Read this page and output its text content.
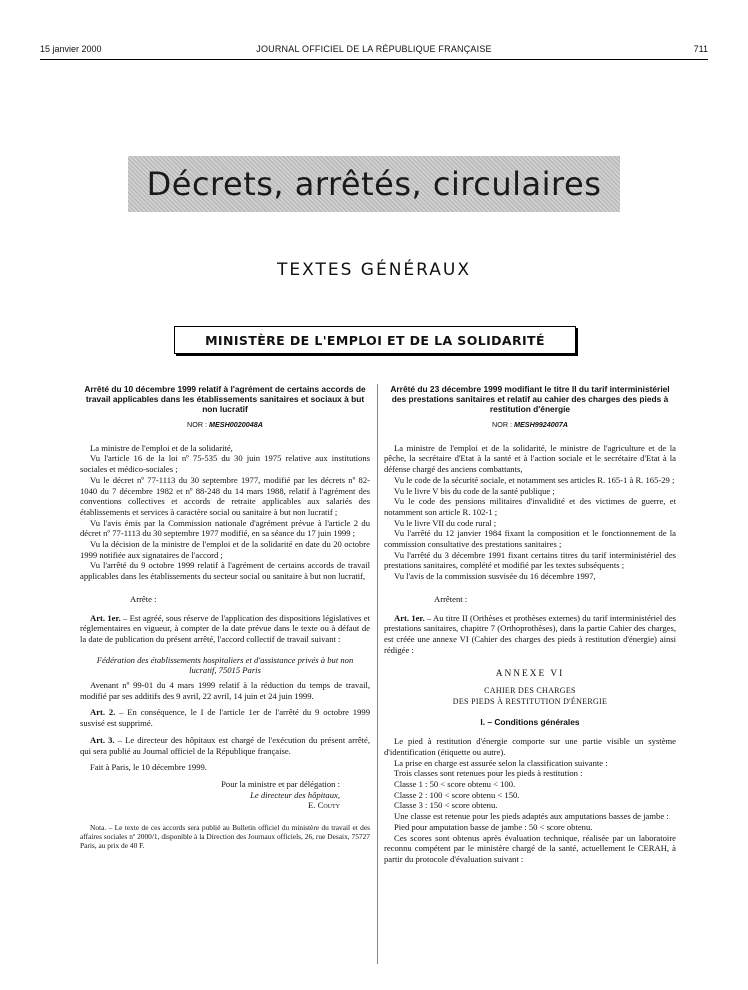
15 janvier 2000	JOURNAL OFFICIEL DE LA RÉPUBLIQUE FRANÇAISE	711
Décrets, arrêtés, circulaires
TEXTES GÉNÉRAUX
MINISTÈRE DE L'EMPLOI ET DE LA SOLIDARITÉ
Arrêté du 10 décembre 1999 relatif à l'agrément de certains accords de travail applicables dans les établissements sanitaires et sociaux à but non lucratif
NOR : MESH0020048A

La ministre de l'emploi et de la solidarité,

Vu l'article 16 de la loi nº 75-535 du 30 juin 1975 relative aux institutions sociales et médico-sociales ;

Vu le décret nº 77-1113 du 30 septembre 1977, modifié par les décrets nº 82-1040 du 7 décembre 1982 et nº 88-248 du 14 mars 1988, relatif à l'agrément des conventions collectives et accords de retraite applicables aux salariés des établissements et services à caractère social ou sanitaire à but non lucratif ;

Vu l'avis émis par la Commission nationale d'agrément prévue à l'article 2 du décret nº 77-1113 du 30 septembre 1977 modifié, en sa séance du 17 juin 1999 ;

Vu la décision de la ministre de l'emploi et de la solidarité en date du 20 octobre 1999 notifiée aux signataires de l'accord ;

Vu l'arrêté du 9 octobre 1999 relatif à l'agrément de certains accords de travail applicables dans les établissements du secteur social ou sanitaire à but non lucratif,

Arrête :

Art. 1er. – Est agréé, sous réserve de l'application des dispositions législatives et réglementaires en vigueur, à compter de la date prévue dans le texte ou à défaut de la date de publication du présent arrêté, l'accord collectif de travail suivant :

Fédération des établissements hospitaliers et d'assistance privés à but non lucratif, 75015 Paris

Avenant nº 99-01 du 4 mars 1999 relatif à la réduction du temps de travail, modifié par ses additifs des 9 avril, 22 avril, 14 juin et 24 juin 1999.

Art. 2. – En conséquence, le I de l'article 1er de l'arrêté du 9 octobre 1999 susvisé est supprimé.

Art. 3. – Le directeur des hôpitaux est chargé de l'exécution du présent arrêté, qui sera publié au Journal officiel de la République française.

Fait à Paris, le 10 décembre 1999.

Pour la ministre et par délégation :

Le directeur des hôpitaux,

E. Couty

Nota. – Le texte de ces accords sera publié au Bulletin officiel du ministère du travail et des affaires sociales nº 2000/1, disponible à la Direction des Journaux officiels, 26, rue Desaix, 75727 Paris, au prix de 40 F.

Arrêté du 23 décembre 1999 modifiant le titre II du tarif interministériel des prestations sanitaires et relatif au cahier des charges des pieds à restitution d'énergie
NOR : MESH9924007A

La ministre de l'emploi et de la solidarité, le ministre de l'agriculture et de la pêche, la secrétaire d'Etat à la santé et à l'action sociale et le secrétaire d'Etat à la défense chargé des anciens combattants,

Vu le code de la sécurité sociale, et notamment ses articles R. 165-1 à R. 165-29 ;

Vu le livre V bis du code de la santé publique ;

Vu le code des pensions militaires d'invalidité et des victimes de guerre, et notamment son article R. 102-1 ;

Vu le livre VII du code rural ;

Vu l'arrêté du 12 janvier 1984 fixant la composition et le fonctionnement de la commission consultative des prestations sanitaires ;

Vu l'arrêté du 3 décembre 1991 fixant certains titres du tarif interministériel des prestations sanitaires, complété et modifié par les textes subséquents ;

Vu l'avis de la commission susvisée du 16 décembre 1997,

Arrêtent :

Art. 1er. – Au titre II (Orthèses et prothèses externes) du tarif interministériel des prestations sanitaires, chapitre 7 (Orthoprothèses), dans la partie Cahier des charges, est créée une annexe VI (Cahier des charges des pieds à restitution d'énergie) ainsi rédigée :

ANNEXE VI

CAHIER DES CHARGES

DES PIEDS À RESTITUTION D'ÉNERGIE

I. – Conditions générales

Le pied à restitution d'énergie comporte sur une partie visible un système d'identification (étiquette ou autre).

La prise en charge est assurée selon la classification suivante :

Trois classes sont retenues pour les pieds à restitution :

Classe 1 : 50 < score obtenu < 100.

Classe 2 : 100 < score obtenu < 150.

Classe 3 : 150 < score obtenu.

Une classe est retenue pour les pieds adaptés aux amputations basses de jambe :

Pied pour amputation basse de jambe : 50 < score obtenu.

Ces scores sont obtenus après évaluation technique, réalisée par un laboratoire reconnu compétent par le ministère chargé de la santé, actuellement le CERAH, à partir du protocole d'évaluation suivant :
